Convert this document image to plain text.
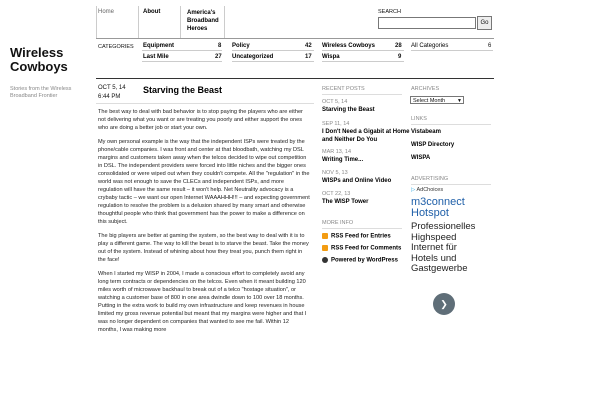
Wireless
Cowboys
Stories from the Wireless
Broadband Frontier
Home	About	America's
Broadband
Heroes
SEARCH
Go
CATEGORIES Equipment	8 Policy	42 Wireless Cowboys	28 All Categories	6
Last Mile	27 Uncategorized	17 Wispa	9
OCT 5, 14
6:44 PM
Starving the Beast

The best way to deal with bad behavior is to stop paying the players who are either not delivering what you want or are treating you poorly and either support the ones who are doing a better job or start your own.

My own personal example is the way that the independent ISPs were treated by the phone/cable companies. I was front and center at that bloodbath, watching my DSL margins and customers taken away when the telcos decided to wipe out competition in DSL. The independent providers were forced into little niches and the bigger ones consolidated or were wiped out when they couldn't compete. All the "regulation" in the world was not enough to save the CLECs and independent ISPs, and more regulation will have the same result – it won't help. Net Neutrality advocacy is a crybaby tactic – we want our open Internet WAAAHHH!!! – and expecting government regulation to resolve the problem is a delusion shared by many smart and otherwise thoughtful people who think that government has the power to make a difference on this subject.

The big players are better at gaming the system, so the best way to deal with it is to play a different game. The way to kill the beast is to starve the beast. Take the money out of the system. Instead of whining about how they treat you, punch them right in the face!

When I started my WISP in 2004, I made a conscious effort to completely avoid any long term contracts or dependencies on the telcos. Even when it meant building 120 miles worth of microwave backhaul to break out of a telco "hostage situation", or watching a customer base of 800 in one area dwindle down to 100 over 18 months. Putting in the extra work to build my own infrastructure and keep revenues in house limited my gross revenue potential but meant that my margins were higher and that I was no longer dependent on companies that wanted to see me fail. Within 12 months, I was making more

RECENT POSTS
OCT 5, 14
Starving the Beast
SEP 11, 14
I Don't Need a Gigabit at Home and Neither Do You
MAR 13, 14
Writing Time...
NOV 5, 13
WISPs and Online Video
OCT 22, 13
The WISP Tower
MORE INFO
RSS Feed for Entries
RSS Feed for Comments
Powered by WordPress
ARCHIVES
Select Month ▼
LINKS
Vistabeam
WISP Directory
WISPA
ADVERTISING
▷ AdChoices
m3connect
Hotspot
Professionelles
Highspeed
Internet für
Hotels und
Gastgewerbe
❯
